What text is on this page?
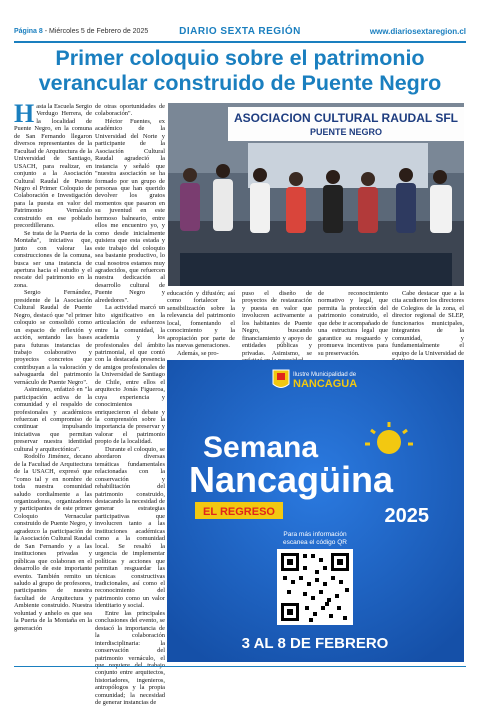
Página 8 - Miércoles 5 de Febrero de 2025	DIARIO SEXTA REGIÓN	www.diariosextaregion.cl
Primer coloquio sobre el patrimonio verancular construido de Puente Negro

Hasta la Escuela Sergio Verdugo Herrera, de la localidad de Puente Negro, en la comuna de San Fernando llegaron diversos representantes de la Facultad de Arquitectura de la Universidad de Santiago, USACH, para realizar, en conjunto a la Asociación Cultural Raudal de Puente Negro el Primer Coloquio de Colaboración e Investigación para la puesta en valor del Patrimonio Vernáculo construido en ese poblado precordillerano.

Se trata de la Puerta de la Montaña", iniciativa que, junto con valorar las construcciones de la comuna, busca ser una instancia de apertura hacia el estudio y el rescate del patrimonio en la zona.

Sergio Fernández, presidente de la Asociación Cultural Raudal de Puente Negro, destacó que "el primer coloquio se consolidó como un espacio de reflexión y acción, sentando las bases para futuras instancias de trabajo colaborativo y proyectos concretos que contribuyan a la valoración y salvaguarda del patrimonio vernáculo de Puente Negro".

Asimismo, enfatizó en "la participación activa de la comunidad y el respaldo de profesionales y académicos refuerzan el compromiso de continuar impulsando iniciativas que permitan preservar nuestra identidad cultural y arquitectónica".

Rodolfo Jiménez, decano de la Facultad de Arquitectura de la USACH, expresó que "como tal y en nombre de toda nuestra comunidad saludo cordialmente a las organizadoras, organizadores y participantes de este primer Coloquio Vernacular construido de Puente Negro, y agradezco la participación de la Asociación Cultural Raudal de San Fernando y a las instituciones privadas y públicas que colaboran en el desarrollo de este importante evento. También remito un saludo al grupo de profesores, participantes de nuestra facultad de Arquitectura y Ambiente construido. Nuestra voluntad y anhelo es que sea la Puerta de la Montaña en la generación

de otras oportunidades de colaboración".

Héctor Fuentes, ex académico de la Universidad del Norte y participante de la Asociación Cultural Raudal agradeció la instancia y señaló que "nuestra asociación se ha formado por un grupo de personas que han querido devolver los gratos momentos que pasaron en su juventud en este hermoso balneario, entre ellos me encuentro yo, y como desde inicialmente quisiera que esta estada y este trabajo del coloquio sea bastante productivo, lo cual nosotros estamos muy agradecidos, que refuercen nuestra dedicación al desarrollo cultural de Puente Negro y alrededores".

La actividad marcó un hito significativo en la articulación de esfuerzos entre la comunidad, la academia y los profesionales del ámbito patrimonial, el que contó con la destacada presencia de amigos profesionales de la Universidad de Santiago de Chile, entre ellos el arquitecto Jonás Figueroa, cuya experiencia y conocimientos enriquecieron el debate y la comprensión sobre la importancia de preservar y valorar el patrimonio propio de la localidad.

Durante el coloquio, se abordaron diversas temáticas fundamentales relacionadas con la conservación y rehabilitación del patrimonio construido, destacando la necesidad de generar estrategias participativas que involucren tanto a las instituciones académicas como a la comunidad local. Se resaltó la urgencia de implementar políticas y acciones que permitan resguardar las técnicas constructivas tradicionales, así como el reconocimiento del patrimonio como un valor identitario y social.

Entre las principales conclusiones del evento, se destacó la importancia de la colaboración interdisciplinaria: la conservación del patrimonio vernáculo, el conjunto entre arquitectos, historiadores, ingenieros, antropólogos y la propia comunidad; la necesidad de generar instancias de

educación y difusión; así como fortalecer la sensibilización sobre la relevancia del patrimonio local, fomentando el conocimiento y la apropiación por parte de las nuevas generaciones.

Además, se pro-

puso el diseño de proyectos de restauración y puesta en valor que involucren activamente a los habitantes de Puente Negro, buscando financiamiento y apoyo de entidades públicas y privadas. Asimismo, se

de reconocimiento normativo y legal, que permita la protección del patrimonio construido, el que debe ir acompañado de una estructura legal que garantice su resguardo y promueva incentivos para su preservación.

Cabe destacar que a la cita acudieron los directores de Colegios de la zona, el director regional de SLEP, funcionarios municipales, integrantes de la comunidad, y fundamentalmente el equipo de la Universidad de

ASOCIACION CULTURAL RAUDAL SFL
PUENTE NEGRO
Ilustre Municipalidad de
NANCAGUA
Semana
Nancagüina
EL REGRESO	2025
Para más información
escanea el código QR
3 AL 8 DE FEBRERO
